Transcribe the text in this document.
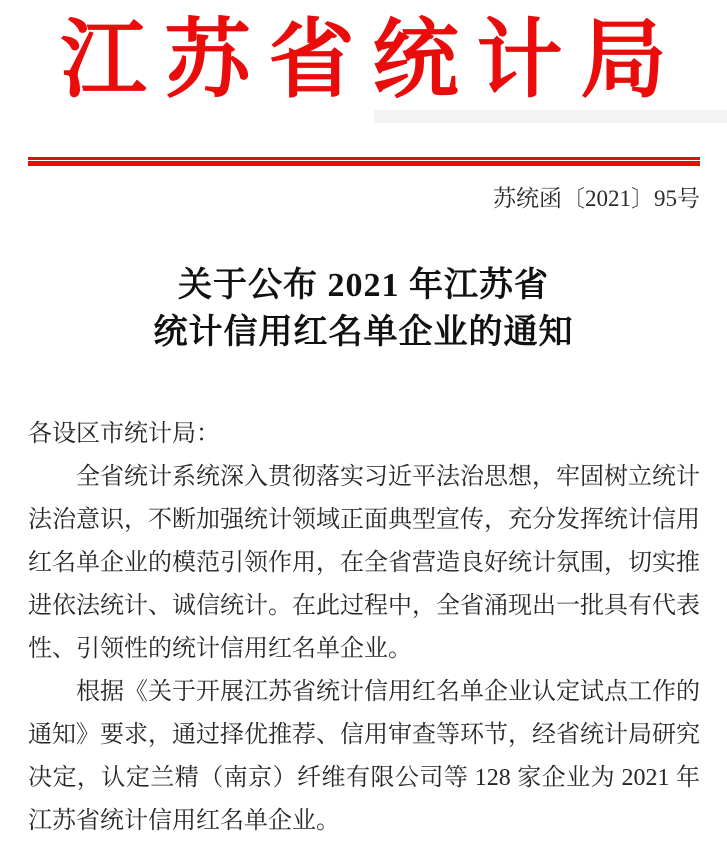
江苏省统计局
苏统函〔2021〕95号
关于公布 2021 年江苏省
统计信用红名单企业的通知
各设区市统计局：
全省统计系统深入贯彻落实习近平法治思想，牢固树立统计
法治意识，不断加强统计领域正面典型宣传，充分发挥统计信用
红名单企业的模范引领作用，在全省营造良好统计氛围，切实推
进依法统计、诚信统计。在此过程中，全省涌现出一批具有代表
性、引领性的统计信用红名单企业。
根据《关于开展江苏省统计信用红名单企业认定试点工作的
通知》要求，通过择优推荐、信用审查等环节，经省统计局研究
决定，认定兰精（南京）纤维有限公司等 128 家企业为 2021 年
江苏省统计信用红名单企业。
